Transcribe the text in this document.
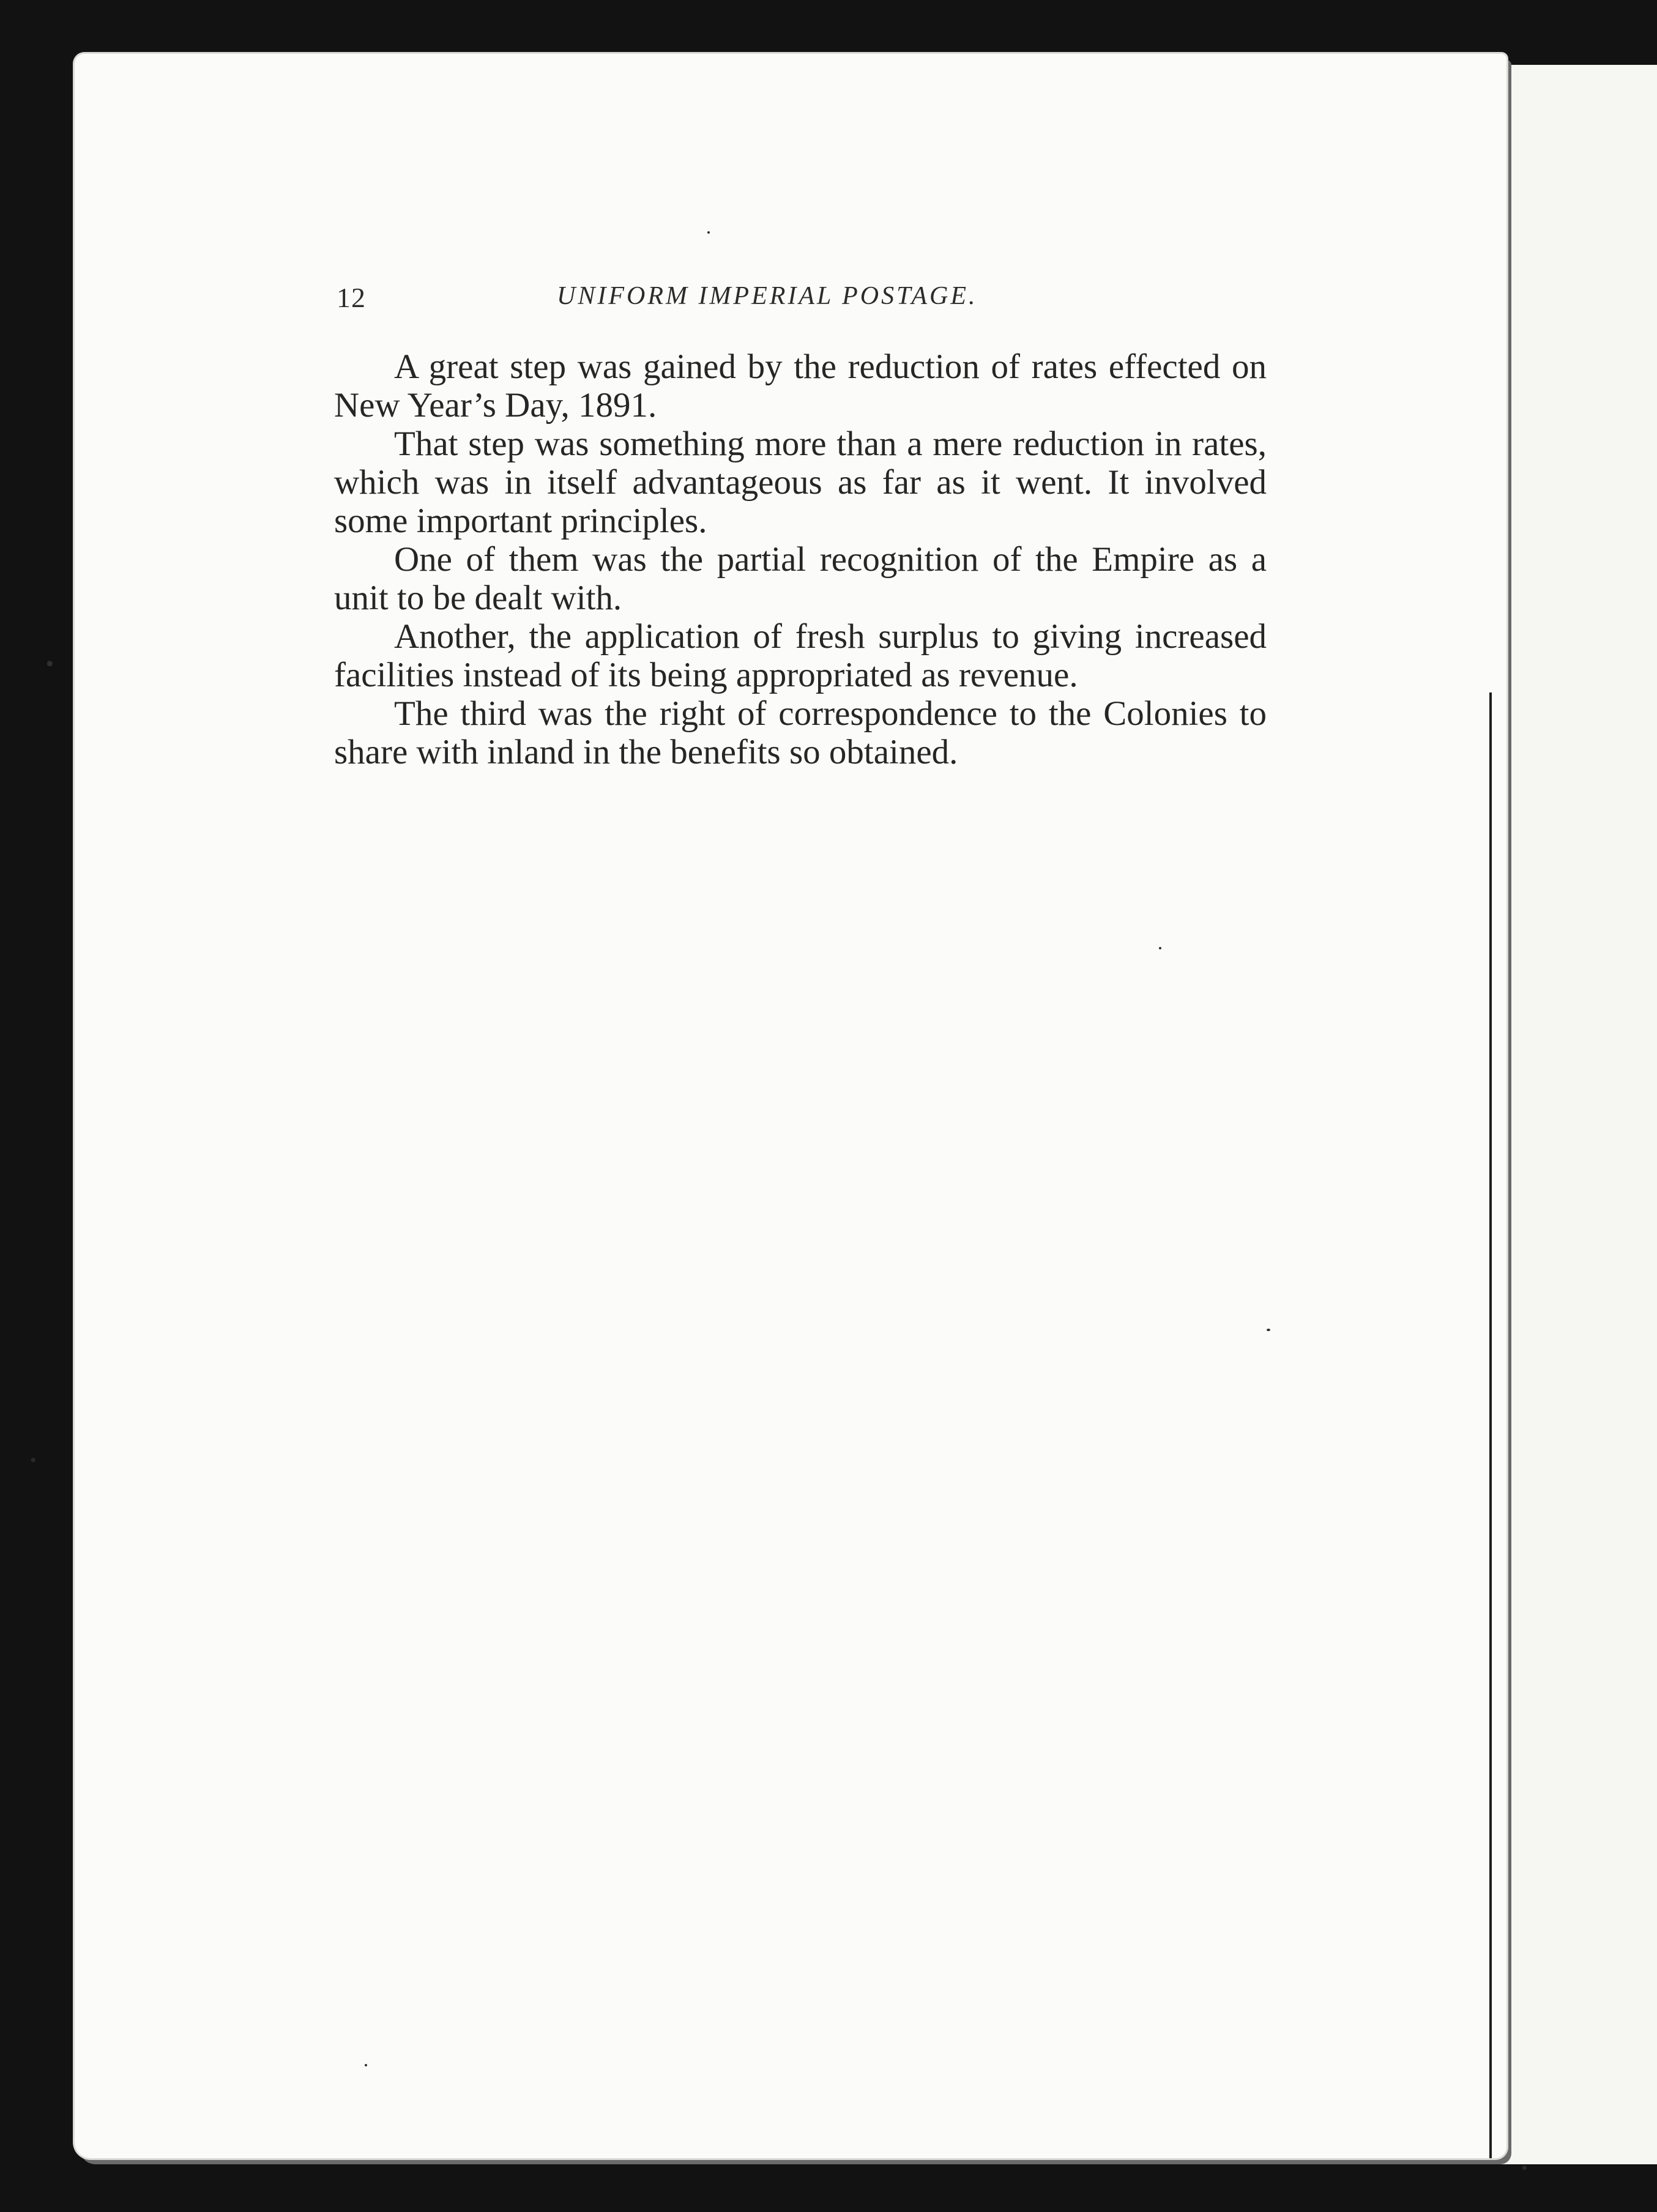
12	UNIFORM IMPERIAL POSTAGE.

A great step was gained by the reduction of rates effected on New Year’s Day, 1891.

That step was something more than a mere reduction in rates, which was in itself advantageous as far as it went. It involved some important principles.

One of them was the partial recognition of the Empire as a unit to be dealt with.

Another, the application of fresh surplus to giving increased facilities instead of its being appropriated as revenue.

The third was the right of correspondence to the Colonies to share with inland in the benefits so obtained.
